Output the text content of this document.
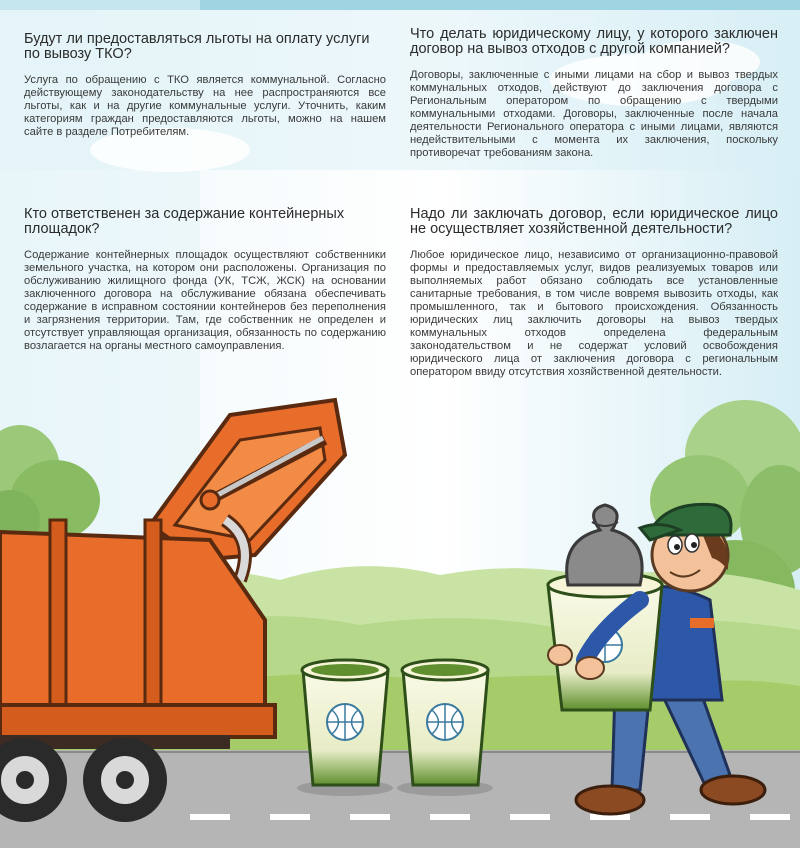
Будут ли предоставляться льготы на оплату услуги по вывозу ТКО?

Услуга по обращению с ТКО является коммунальной. Согласно действующему законодательству на нее распространяются все льготы, как и на другие коммунальные услуги. Уточнить, каким категориям граждан предоставляются льготы, можно на нашем сайте в разделе Потребителям.

Что делать юридическому лицу, у которого заключен договор на вывоз отходов с другой компанией?

Договоры, заключенные с иными лицами на сбор и вывоз твердых коммунальных отходов, действуют до заключения договора с Региональным оператором по обращению с твердыми коммунальными отходами. Договоры, заключенные после начала деятельности Регионального оператора с иными лицами, являются недействительными с момента их заключения, поскольку противоречат требованиям закона.

Кто ответственен за содержание контейнерных площадок?

Содержание контейнерных площадок осуществляют собственники земельного участка, на котором они расположены. Организация по обслуживанию жилищного фонда (УК, ТСЖ, ЖСК) на основании заключенного договора на обслуживание обязана обеспечивать содержание в исправном состоянии контейнеров без переполнения и загрязнения территории. Там, где собственник не определен и отсутствует управляющая организация, обязанность по содержанию возлагается на органы местного самоуправления.

Надо ли заключать договор, если юридическое лицо не осуществляет хозяйственной деятельности?

Любое юридическое лицо, независимо от организационно-правовой формы и предоставляемых услуг, видов реализуемых товаров или выполняемых работ обязано соблюдать все установленные санитарные требования, в том числе вовремя вывозить отходы, как промышленного, так и бытового происхождения. Обязанность юридических лиц заключить договоры на вывоз твердых коммунальных отходов определена федеральным законодательством и не содержат условий освобождения юридического лица от заключения договора с региональным оператором ввиду отсутствия хозяйственной деятельности.
